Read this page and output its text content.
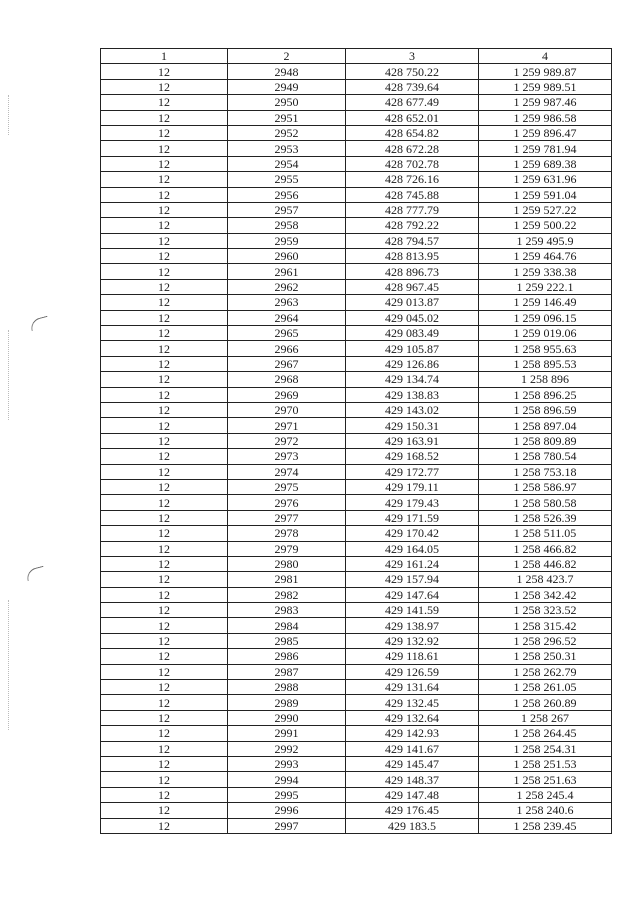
1	2	3	4
12	2948	428 750.22	1 259 989.87
12	2949	428 739.64	1 259 989.51
12	2950	428 677.49	1 259 987.46
12	2951	428 652.01	1 259 986.58
12	2952	428 654.82	1 259 896.47
12	2953	428 672.28	1 259 781.94
12	2954	428 702.78	1 259 689.38
12	2955	428 726.16	1 259 631.96
12	2956	428 745.88	1 259 591.04
12	2957	428 777.79	1 259 527.22
12	2958	428 792.22	1 259 500.22
12	2959	428 794.57	1 259 495.9
12	2960	428 813.95	1 259 464.76
12	2961	428 896.73	1 259 338.38
12	2962	428 967.45	1 259 222.1
12	2963	429 013.87	1 259 146.49
12	2964	429 045.02	1 259 096.15
12	2965	429 083.49	1 259 019.06
12	2966	429 105.87	1 258 955.63
12	2967	429 126.86	1 258 895.53
12	2968	429 134.74	1 258 896
12	2969	429 138.83	1 258 896.25
12	2970	429 143.02	1 258 896.59
12	2971	429 150.31	1 258 897.04
12	2972	429 163.91	1 258 809.89
12	2973	429 168.52	1 258 780.54
12	2974	429 172.77	1 258 753.18
12	2975	429 179.11	1 258 586.97
12	2976	429 179.43	1 258 580.58
12	2977	429 171.59	1 258 526.39
12	2978	429 170.42	1 258 511.05
12	2979	429 164.05	1 258 466.82
12	2980	429 161.24	1 258 446.82
12	2981	429 157.94	1 258 423.7
12	2982	429 147.64	1 258 342.42
12	2983	429 141.59	1 258 323.52
12	2984	429 138.97	1 258 315.42
12	2985	429 132.92	1 258 296.52
12	2986	429 118.61	1 258 250.31
12	2987	429 126.59	1 258 262.79
12	2988	429 131.64	1 258 261.05
12	2989	429 132.45	1 258 260.89
12	2990	429 132.64	1 258 267
12	2991	429 142.93	1 258 264.45
12	2992	429 141.67	1 258 254.31
12	2993	429 145.47	1 258 251.53
12	2994	429 148.37	1 258 251.63
12	2995	429 147.48	1 258 245.4
12	2996	429 176.45	1 258 240.6
12	2997	429 183.5	1 258 239.45
